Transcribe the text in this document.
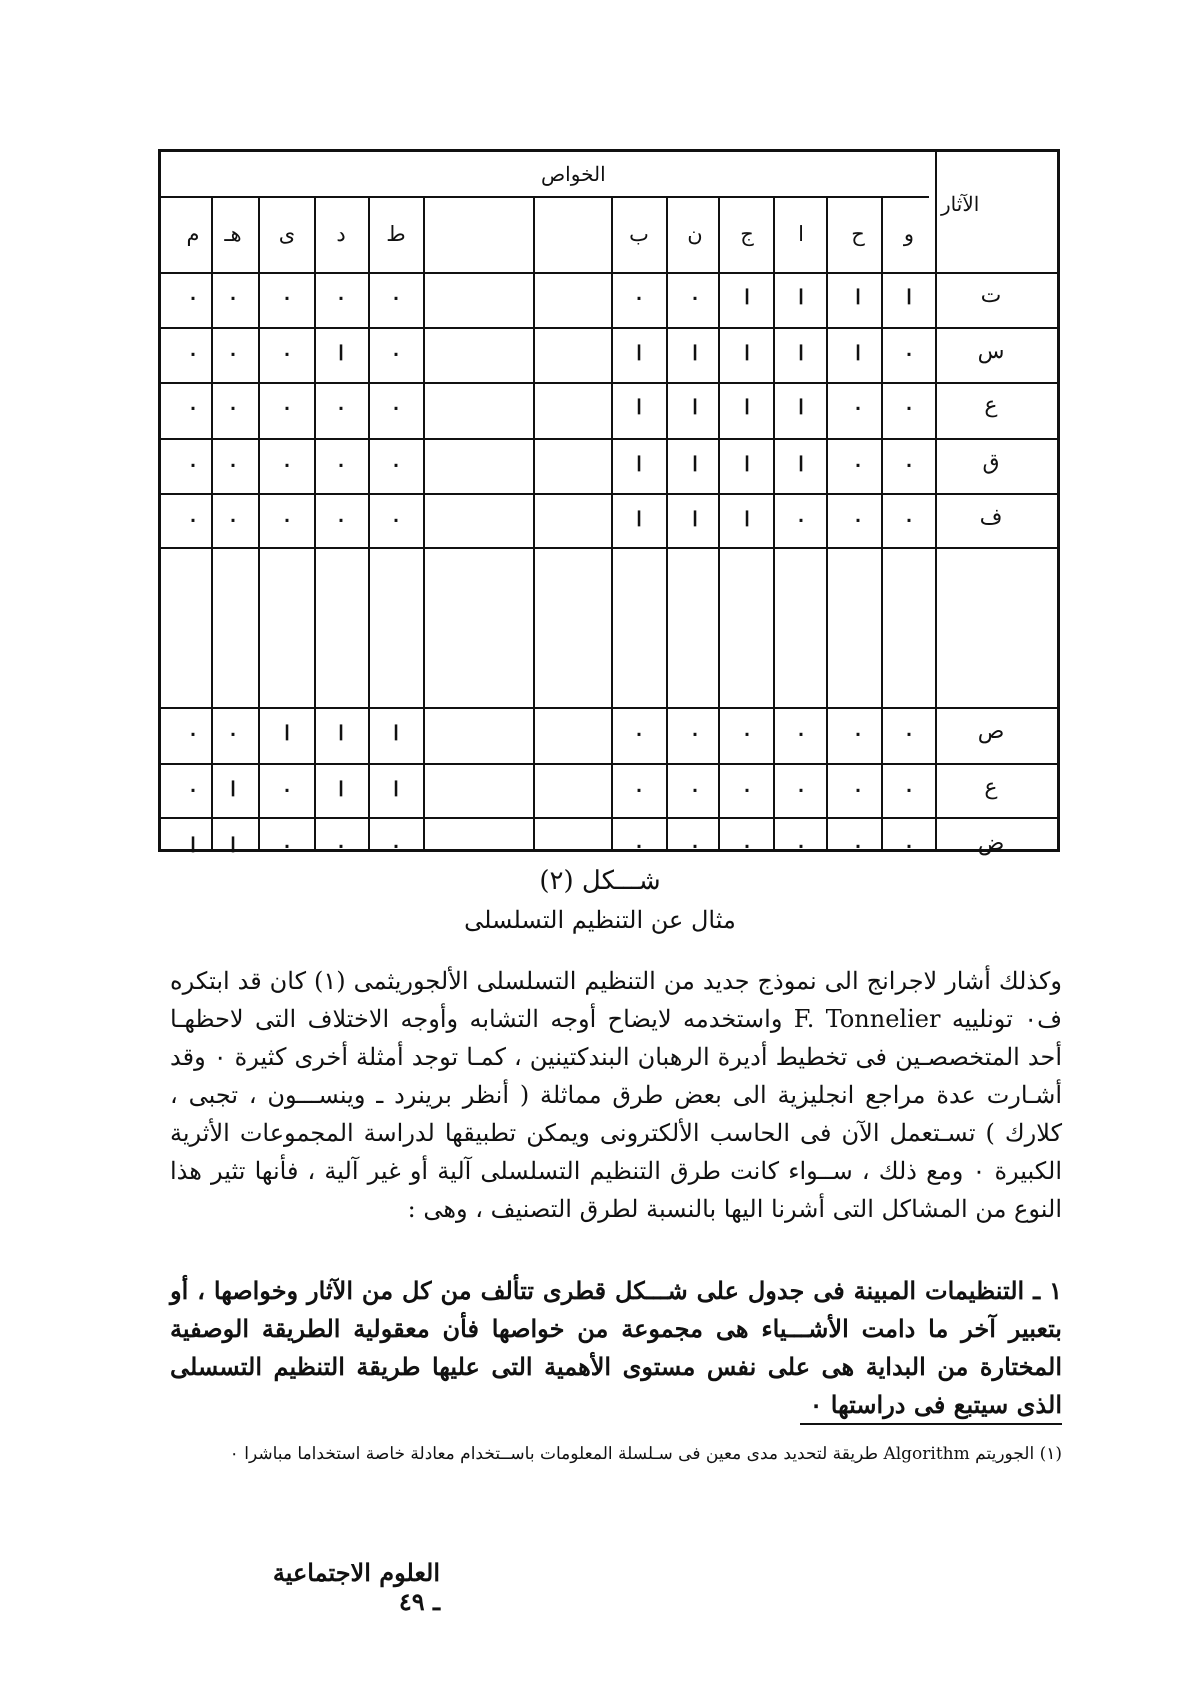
الخواص
الآثار
و
ح
ا
ج
ن
ب
ط
د
ى
هـ
م
ت
ا
ا
ا
ا
٠
٠
٠
٠
٠
٠
٠
س
٠
ا
ا
ا
ا
ا
٠
ا
٠
٠
٠
ع
٠
٠
ا
ا
ا
ا
٠
٠
٠
٠
٠
ق
٠
٠
ا
ا
ا
ا
٠
٠
٠
٠
٠
ف
٠
٠
٠
ا
ا
ا
٠
٠
٠
٠
٠
ص
٠
٠
٠
٠
٠
٠
ا
ا
ا
٠
٠
ع
٠
٠
٠
٠
٠
٠
ا
ا
٠
ا
٠
ض
٠
٠
٠
٠
٠
٠
٠
٠
٠
ا
ا
شـــكل (٢)
مثال عن التنظيم التسلسلى

وكذلك أشار لاجرانج الى نموذج جديد من التنظيم التسلسلى الألجوريثمى (١) كان قد ابتكره ف٠ تونلييه F. Tonnelier واستخدمه لايضاح أوجه التشابه وأوجه الاختلاف التى لاحظهـا أحد المتخصصـين فى تخطيط أديرة الرهبان البندكتينين ، كمـا توجد أمثلة أخرى كثيرة ٠ وقد أشـارت عدة مراجع انجليزية الى بعض طرق مماثلة ( أنظر برينرد ـ وينســـون ، تجبى ، كلارك ) تسـتعمل الآن فى الحاسب الألكترونى ويمكن تطبيقها لدراسة المجموعات الأثرية الكبيرة ٠ ومع ذلك ، ســواء كانت طرق التنظيم التسلسلى آلية أو غير آلية ، فأنها تثير هذا النوع من المشاكل التى أشرنا اليها بالنسبة لطرق التصنيف ، وهى :

١ ـ التنظيمات المبينة فى جدول على شـــكل قطرى تتألف من كل من الآثار وخواصها ، أو بتعبير آخر ما دامت الأشـــياء هى مجموعة من خواصها فأن معقولية الطريقة الوصفية المختارة من البداية هى على نفس مستوى الأهمية التى عليها طريقة التنظيم التسسلى الذى سيتبع فى دراستها ٠

(١) الجوريتم Algorithm طريقة لتحديد مدى معين فى سـلسلة المعلومات باســتخدام معادلة خاصة استخداما مباشرا ٠
العلوم الاجتماعية ـ ٤٩
